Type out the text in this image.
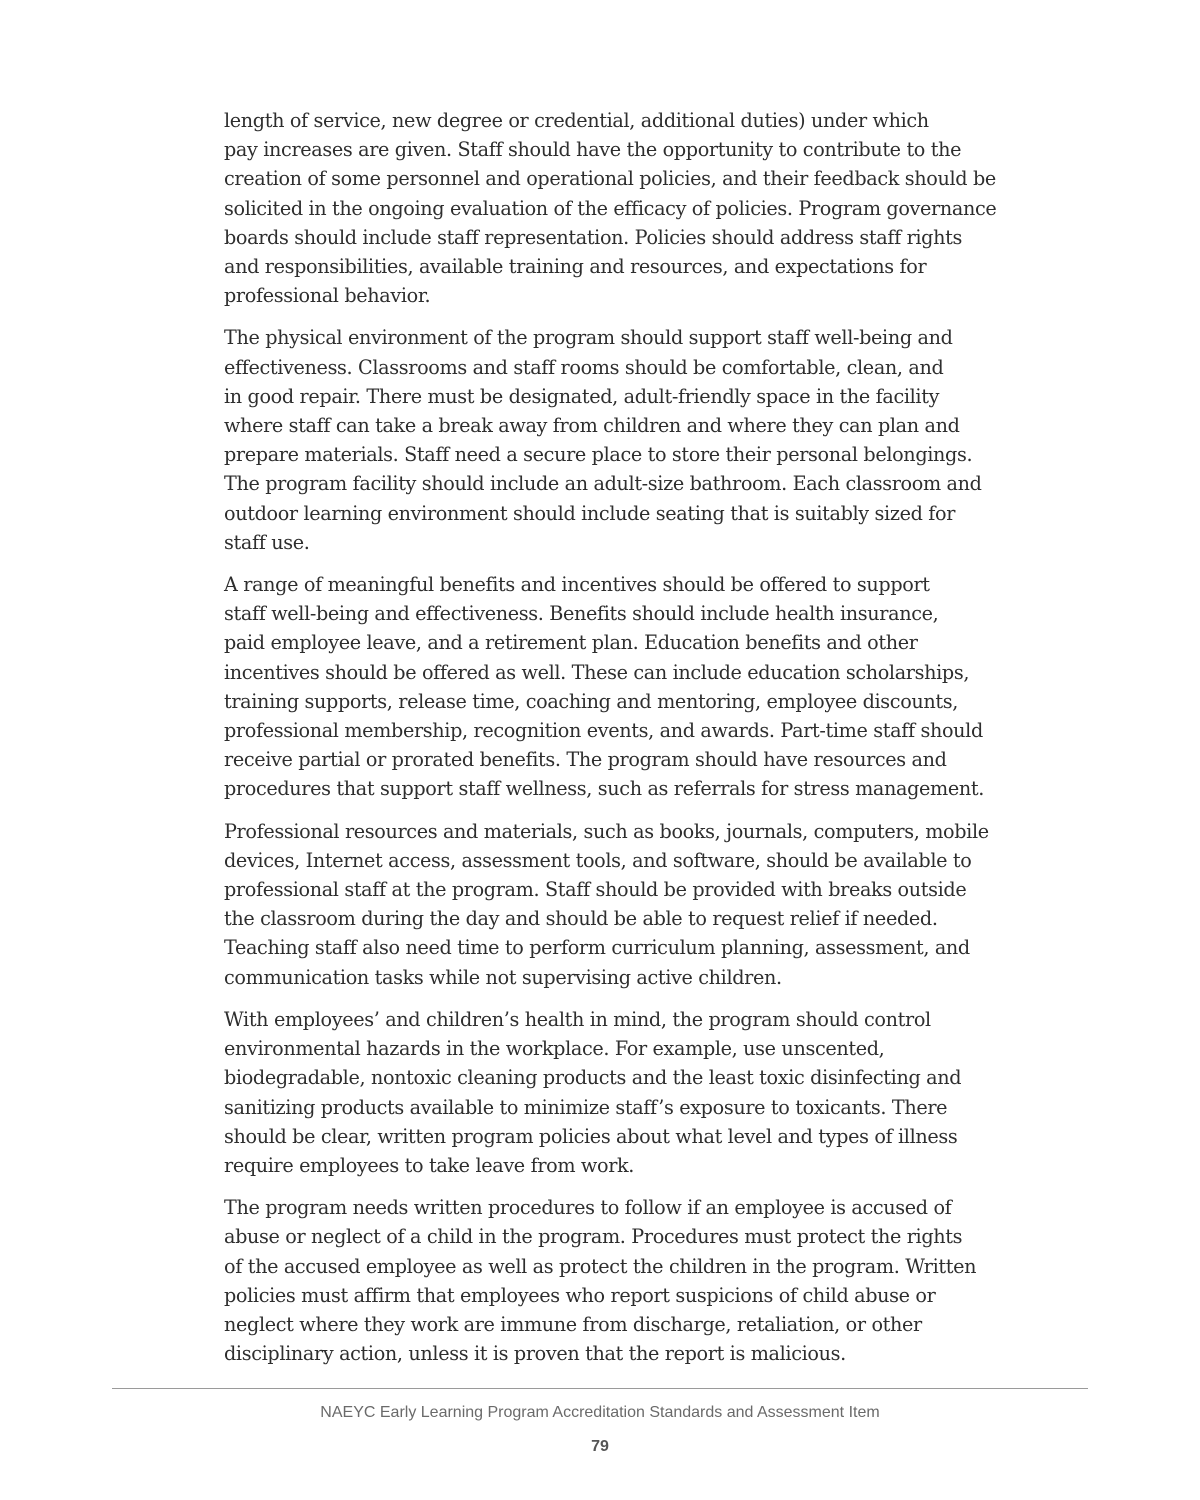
length of service, new degree or credential, additional duties) under which
pay increases are given. Staff should have the opportunity to contribute to the
creation of some personnel and operational policies, and their feedback should be
solicited in the ongoing evaluation of the efficacy of policies. Program governance
boards should include staff representation. Policies should address staff rights
and responsibilities, available training and resources, and expectations for
professional behavior.

The physical environment of the program should support staff well-being and
effectiveness. Classrooms and staff rooms should be comfortable, clean, and
in good repair. There must be designated, adult-friendly space in the facility
where staff can take a break away from children and where they can plan and
prepare materials. Staff need a secure place to store their personal belongings.
The program facility should include an adult-size bathroom. Each classroom and
outdoor learning environment should include seating that is suitably sized for
staff use.

A range of meaningful benefits and incentives should be offered to support
staff well-being and effectiveness. Benefits should include health insurance,
paid employee leave, and a retirement plan. Education benefits and other
incentives should be offered as well. These can include education scholarships,
training supports, release time, coaching and mentoring, employee discounts,
professional membership, recognition events, and awards. Part-time staff should
receive partial or prorated benefits. The program should have resources and
procedures that support staff wellness, such as referrals for stress management.

Professional resources and materials, such as books, journals, computers, mobile
devices, Internet access, assessment tools, and software, should be available to
professional staff at the program. Staff should be provided with breaks outside
the classroom during the day and should be able to request relief if needed.
Teaching staff also need time to perform curriculum planning, assessment, and
communication tasks while not supervising active children.

With employees’ and children’s health in mind, the program should control
environmental hazards in the workplace. For example, use unscented,
biodegradable, nontoxic cleaning products and the least toxic disinfecting and
sanitizing products available to minimize staff’s exposure to toxicants. There
should be clear, written program policies about what level and types of illness
require employees to take leave from work.

The program needs written procedures to follow if an employee is accused of
abuse or neglect of a child in the program. Procedures must protect the rights
of the accused employee as well as protect the children in the program. Written
policies must affirm that employees who report suspicions of child abuse or
neglect where they work are immune from discharge, retaliation, or other
disciplinary action, unless it is proven that the report is malicious.

NAEYC Early Learning Program Accreditation Standards and Assessment Item
79
